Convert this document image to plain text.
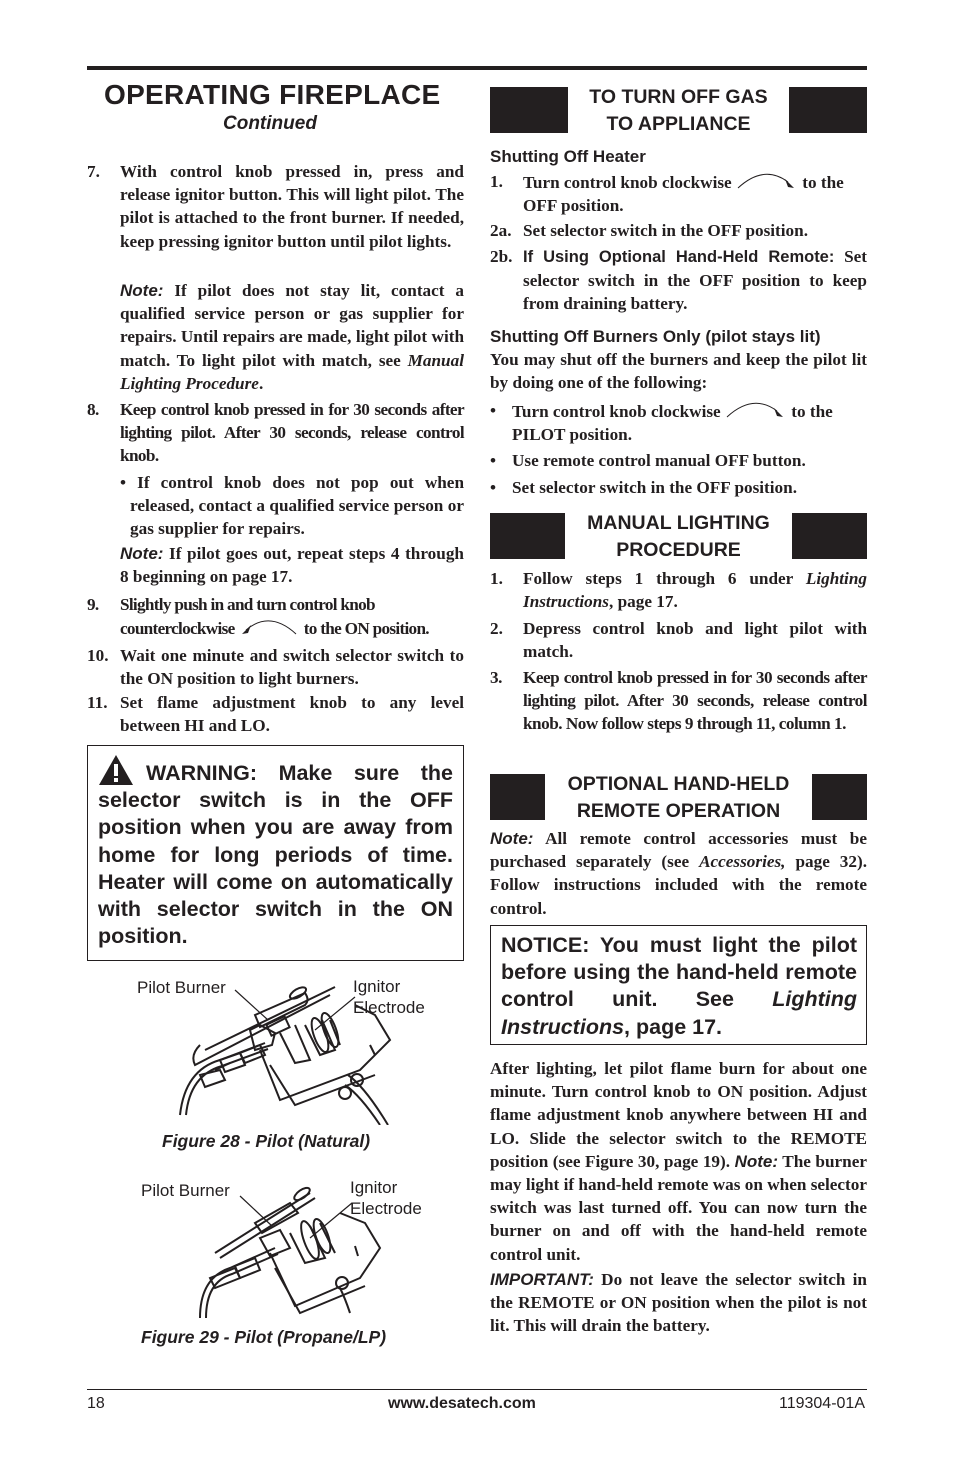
OPERATING FIREPLACE
Continued
7. With control knob pressed in, press and release ignitor button. This will light pilot. The pilot is attached to the front burner. If needed, keep pressing ignitor button until pilot lights.
Note: If pilot does not stay lit, contact a qualified service person or gas supplier for repairs. Until repairs are made, light pilot with match. To light pilot with match, see Manual Lighting Procedure.
8. Keep control knob pressed in for 30 seconds after lighting pilot. After 30 seconds, release control knob.
• If control knob does not pop out when released, contact a qualified service person or gas supplier for repairs.
Note: If pilot goes out, repeat steps 4 through 8 beginning on page 17.
9. Slightly push in and turn control knob counterclockwise	to the ON position.
10. Wait one minute and switch selector switch to the ON position to light burners.
11. Set flame adjustment knob to any level between HI and LO.
WARNING: Make sure the selector switch is in the OFF position when you are away from home for long periods of time. Heater will come on automatically with selector switch in the ON position.
Pilot Burner	Ignitor
Electrode
Figure 28 - Pilot (Natural)
Pilot Burner	Ignitor
Electrode
Figure 29 - Pilot (Propane/LP)
TO TURN OFF GAS
TO APPLIANCE
Shutting Off Heater
1. Turn control knob clockwise	to the OFF position.
2a. Set selector switch in the OFF position.
2b. If Using Optional Hand-Held Remote: Set selector switch in the OFF position to keep from draining battery.
Shutting Off Burners Only (pilot stays lit)
You may shut off the burners and keep the pilot lit by doing one of the following:
• Turn control knob clockwise	to the PILOT position.
• Use remote control manual OFF button.
• Set selector switch in the OFF position.
MANUAL LIGHTING
PROCEDURE
1. Follow steps 1 through 6 under Lighting Instructions, page 17.
2. Depress control knob and light pilot with match.
3. Keep control knob pressed in for 30 seconds after lighting pilot. After 30 seconds, release control knob. Now follow steps 9 through 11, column 1.
OPTIONAL HAND-HELD
REMOTE OPERATION
Note: All remote control accessories must be purchased separately (see Accessories, page 32). Follow instructions included with the remote control.
NOTICE: You must light the pilot before using the hand-held remote control unit. See Lighting Instructions, page 17.
After lighting, let pilot flame burn for about one minute. Turn control knob to ON position. Adjust flame adjustment knob anywhere between HI and LO. Slide the selector switch to the REMOTE position (see Figure 30, page 19). Note: The burner may light if hand-held remote was on when selector switch was last turned off. You can now turn the burner on and off with the hand-held remote control unit.
IMPORTANT: Do not leave the selector switch in the REMOTE or ON position when the pilot is not lit. This will drain the battery.
18	www.desatech.com	119304-01A
